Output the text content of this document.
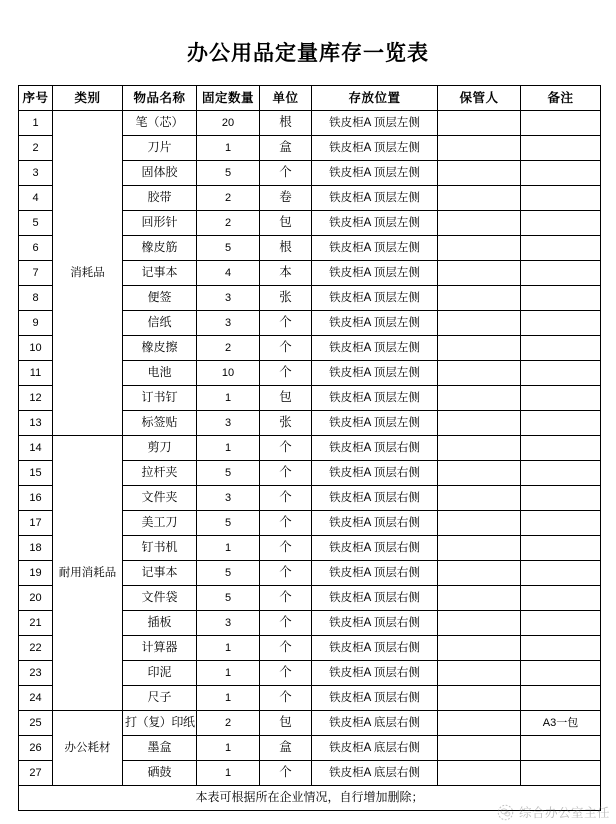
办公用品定量库存一览表
序号	类别	物品名称	固定数量	单位	存放位置	保管人	备注
1	消耗品	笔（芯）	20	根	铁皮柜A 顶层左侧		
2		刀片	1	盒	铁皮柜A 顶层左侧		
3		固体胶	5	个	铁皮柜A 顶层左侧		
4		胶带	2	卷	铁皮柜A 顶层左侧		
5		回形针	2	包	铁皮柜A 顶层左侧		
6		橡皮筋	5	根	铁皮柜A 顶层左侧		
7		记事本	4	本	铁皮柜A 顶层左侧		
8		便签	3	张	铁皮柜A 顶层左侧		
9		信纸	3	个	铁皮柜A 顶层左侧		
10		橡皮擦	2	个	铁皮柜A 顶层左侧		
11		电池	10	个	铁皮柜A 顶层左侧		
12		订书钉	1	包	铁皮柜A 顶层左侧		
13		标签贴	3	张	铁皮柜A 顶层左侧		
14	耐用消耗品	剪刀	1	个	铁皮柜A 顶层右侧		
15		拉杆夹	5	个	铁皮柜A 顶层右侧		
16		文件夹	3	个	铁皮柜A 顶层右侧		
17		美工刀	5	个	铁皮柜A 顶层右侧		
18		钉书机	1	个	铁皮柜A 顶层右侧		
19		记事本	5	个	铁皮柜A 顶层右侧		
20		文件袋	5	个	铁皮柜A 顶层右侧		
21		插板	3	个	铁皮柜A 顶层右侧		
22		计算器	1	个	铁皮柜A 顶层右侧		
23		印泥	1	个	铁皮柜A 顶层右侧		
24		尺子	1	个	铁皮柜A 顶层右侧		
25	办公耗材	打（复）印纸	2	包	铁皮柜A 底层右侧		A3一包
26		墨盒	1	盒	铁皮柜A 底层右侧		
27		硒鼓	1	个	铁皮柜A 底层右侧		
本表可根据所在企业情况，自行增加删除；							
综合办公室主任
